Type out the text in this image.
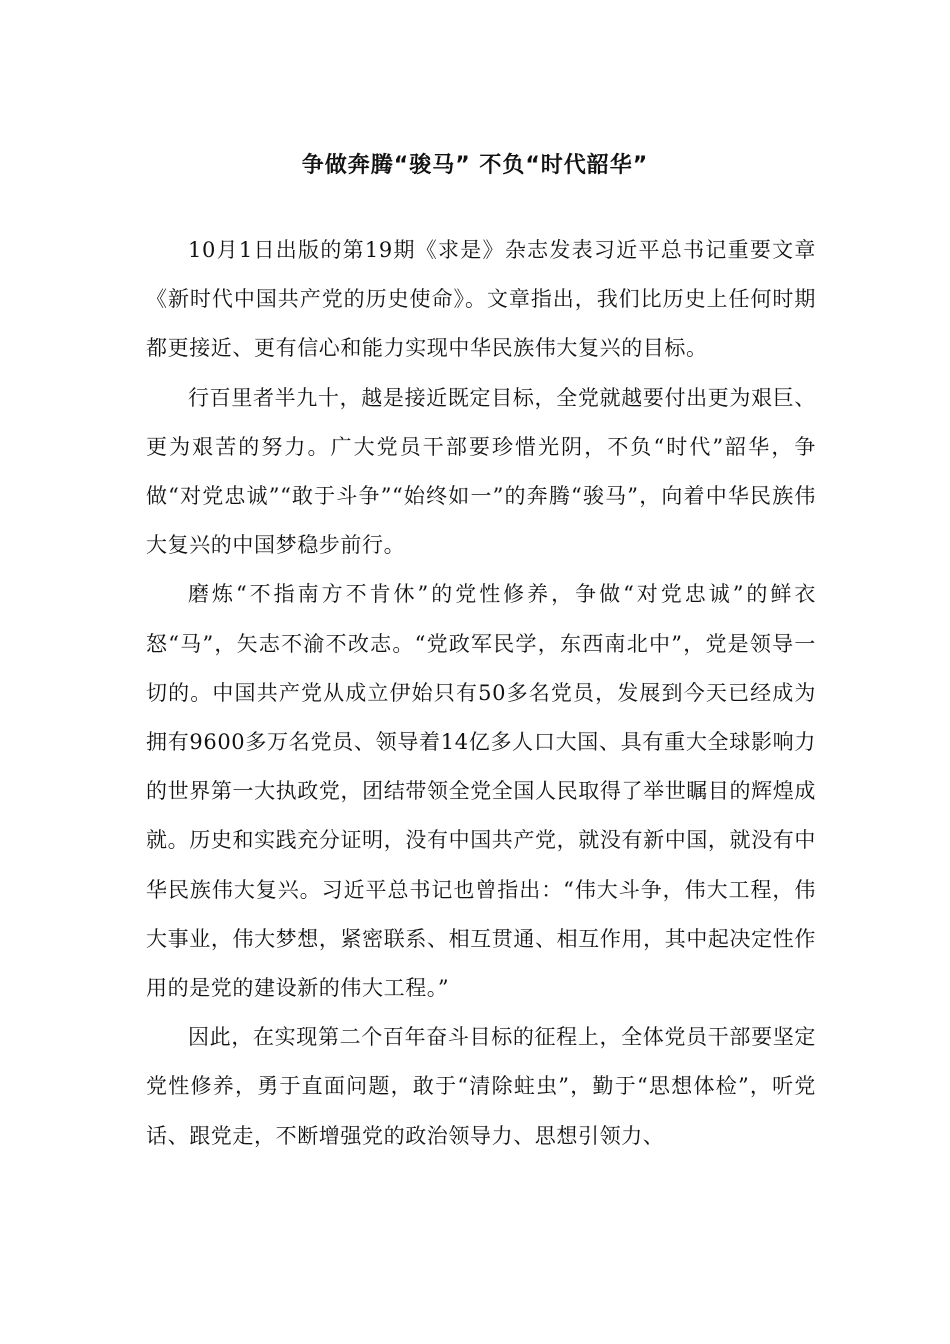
争做奔腾“骏马” 不负“时代韶华”

10月1日出版的第19期《求是》杂志发表习近平总书记重要文章《新时代中国共产党的历史使命》。文章指出，我们比历史上任何时期都更接近、更有信心和能力实现中华民族伟大复兴的目标。

行百里者半九十，越是接近既定目标，全党就越要付出更为艰巨、更为艰苦的努力。广大党员干部要珍惜光阴，不负“时代”韶华，争做“对党忠诚”“敢于斗争”“始终如一”的奔腾“骏马”，向着中华民族伟大复兴的中国梦稳步前行。

磨炼“不指南方不肯休”的党性修养，争做“对党忠诚”的鲜衣怒“马”，矢志不渝不改志。“党政军民学，东西南北中”，党是领导一切的。中国共产党从成立伊始只有50多名党员，发展到今天已经成为拥有9600多万名党员、领导着14亿多人口大国、具有重大全球影响力的世界第一大执政党，团结带领全党全国人民取得了举世瞩目的辉煌成就。历史和实践充分证明，没有中国共产党，就没有新中国，就没有中华民族伟大复兴。习近平总书记也曾指出：“伟大斗争，伟大工程，伟大事业，伟大梦想，紧密联系、相互贯通、相互作用，其中起决定性作用的是党的建设新的伟大工程。”

因此，在实现第二个百年奋斗目标的征程上，全体党员干部要坚定党性修养，勇于直面问题，敢于“清除蛀虫”，勤于“思想体检”，听党话、跟党走，不断增强党的政治领导力、思想引领力、
